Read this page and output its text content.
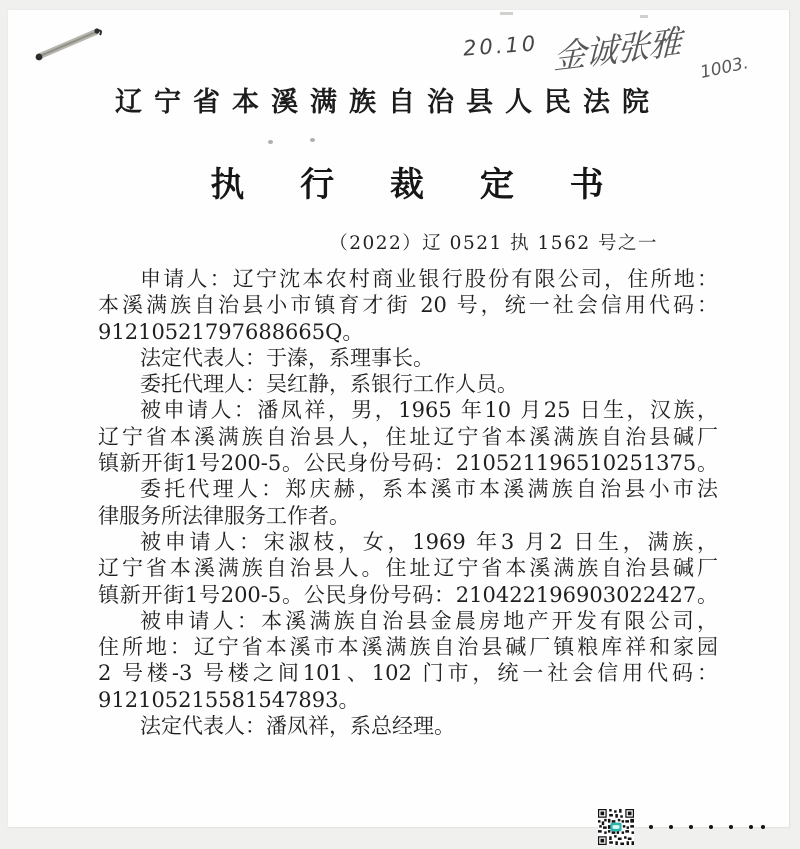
20.10 金诚张雅 1003.
辽宁省本溪满族自治县人民法院
执 行 裁 定 书
（2022）辽 0521 执 1562 号之一
申请人：辽宁沈本农村商业银行股份有限公司，住所地：
本溪满族自治县小市镇育才街 20 号，统一社会信用代码：
91210521797688665Q。
法定代表人：于溱，系理事长。
委托代理人：吴红静，系银行工作人员。
被申请人：潘凤祥，男，1965 年10 月25 日生，汉族，
辽宁省本溪满族自治县人，住址辽宁省本溪满族自治县碱厂
镇新开街1号200-5。公民身份号码：210521196510251375。
委托代理人：郑庆赫，系本溪市本溪满族自治县小市法
律服务所法律服务工作者。
被申请人：宋淑枝，女，1969 年3 月2 日生，满族，
辽宁省本溪满族自治县人。住址辽宁省本溪满族自治县碱厂
镇新开街1号200-5。公民身份号码：210422196903022427。
被申请人：本溪满族自治县金晨房地产开发有限公司，
住所地：辽宁省本溪市本溪满族自治县碱厂镇粮库祥和家园
2 号楼-3 号楼之间101、102 门市，统一社会信用代码：
912105215581547893。
法定代表人：潘凤祥，系总经理。
